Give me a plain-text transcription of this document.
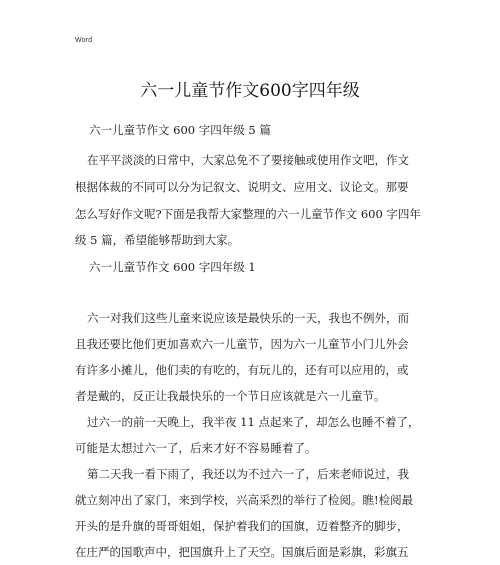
Word
六一儿童节作文600字四年级
六一儿童节作文 600 字四年级 5 篇
在平平淡淡的日常中，大家总免不了要接触或使用作文吧，作文
根据体裁的不同可以分为记叙文、说明文、应用文、议论文。那要
怎么写好作文呢?下面是我帮大家整理的六一儿童节作文 600 字四年
级 5 篇，希望能够帮助到大家。
六一儿童节作文 600 字四年级 1
六一对我们这些儿童来说应该是最快乐的一天，我也不例外，而
且我还要比他们更加喜欢六一儿童节，因为六一儿童节小门儿外会
有许多小摊儿，他们卖的有吃的，有玩儿的，还有可以应用的，或
者是戴的，反正让我最快乐的一个节日应该就是六一儿童节。
过六一的前一天晚上，我半夜 11 点起来了，却怎么也睡不着了，
可能是太想过六一了，后来才好不容易睡着了。
第二天我一看下雨了，我还以为不过六一了，后来老师说过，我
就立刻冲出了家门，来到学校，兴高采烈的举行了检阅。瞧!检阅最
开头的是升旗的哥哥姐姐，保护着我们的国旗，迈着整齐的脚步，
在庄严的国歌声中，把国旗升上了天空。国旗后面是彩旗，彩旗五
